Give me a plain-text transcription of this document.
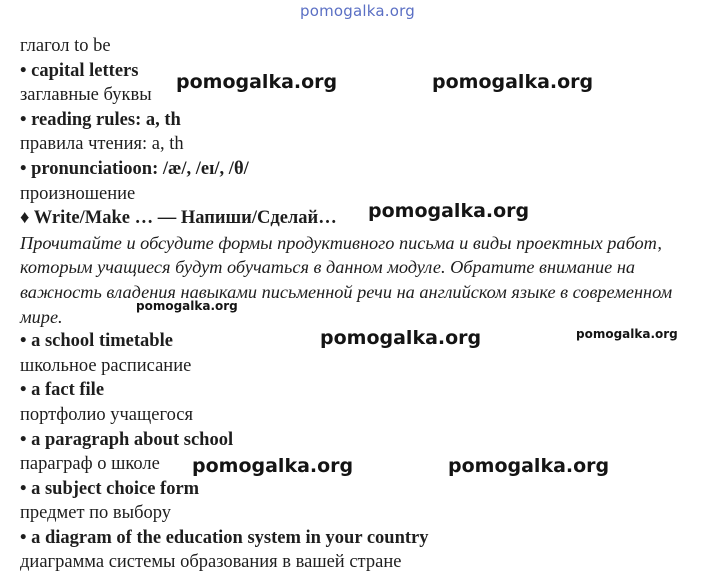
pomogalka.org
глагол to be
• capital letters
заглавные буквы
• reading rules: a, th
правила чтения: a, th
• pronunciatioon: /æ/, /eɪ/, /θ/
произношение
♦ Write/Make … — Напиши/Сделай…
Прочитайте и обсудите формы продуктивного письма и виды проектных работ, которым учащиеся будут обучаться в данном модуле. Обратите внимание на важность владения навыками письменной речи на английском языке в современном мире.
• a school timetable
школьное расписание
• a fact file
портфолио учащегося
• a paragraph about school
параграф о школе
• a subject choice form
предмет по выбору
• a diagram of the education system in your country
диаграмма системы образования в вашей стране
pomogalka.org	pomogalka.org
pomogalka.org
pomogalka.org
pomogalka.org	pomogalka.org
pomogalka.org	pomogalka.org
